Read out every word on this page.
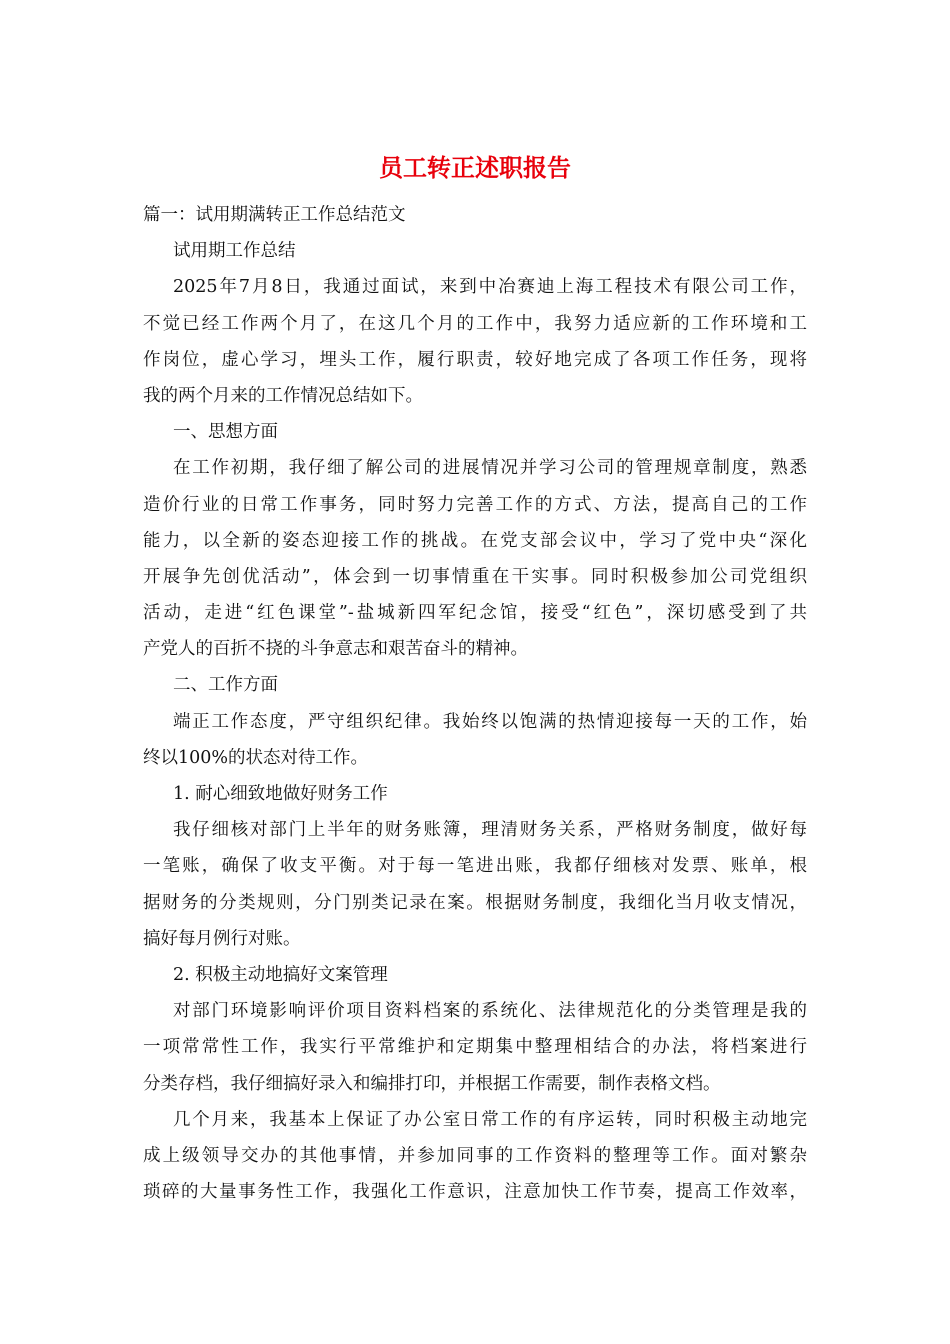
员工转正述职报告
篇一：试用期满转正工作总结范文
试用期工作总结
2025年7月8日，我通过面试，来到中冶赛迪上海工程技术有限公司工作，
不觉已经工作两个月了，在这几个月的工作中，我努力适应新的工作环境和工
作岗位，虚心学习，埋头工作，履行职责，较好地完成了各项工作任务，现将
我的两个月来的工作情况总结如下。
一、思想方面
在工作初期，我仔细了解公司的进展情况并学习公司的管理规章制度，熟悉
造价行业的日常工作事务，同时努力完善工作的方式、方法，提高自己的工作
能力，以全新的姿态迎接工作的挑战。在党支部会议中，学习了党中央“深化
开展争先创优活动”，体会到一切事情重在干实事。同时积极参加公司党组织
活动，走进“红色课堂”-盐城新四军纪念馆，接受“红色”，深切感受到了共
产党人的百折不挠的斗争意志和艰苦奋斗的精神。
二、工作方面
端正工作态度，严守组织纪律。我始终以饱满的热情迎接每一天的工作，始
终以100%的状态对待工作。
1. 耐心细致地做好财务工作
我仔细核对部门上半年的财务账簿，理清财务关系，严格财务制度，做好每
一笔账，确保了收支平衡。对于每一笔进出账，我都仔细核对发票、账单，根
据财务的分类规则，分门别类记录在案。根据财务制度，我细化当月收支情况，
搞好每月例行对账。
2. 积极主动地搞好文案管理
对部门环境影响评价项目资料档案的系统化、法律规范化的分类管理是我的
一项常常性工作，我实行平常维护和定期集中整理相结合的办法，将档案进行
分类存档，我仔细搞好录入和编排打印，并根据工作需要，制作表格文档。
几个月来，我基本上保证了办公室日常工作的有序运转，同时积极主动地完
成上级领导交办的其他事情，并参加同事的工作资料的整理等工作。面对繁杂
琐碎的大量事务性工作，我强化工作意识，注意加快工作节奏，提高工作效率，
